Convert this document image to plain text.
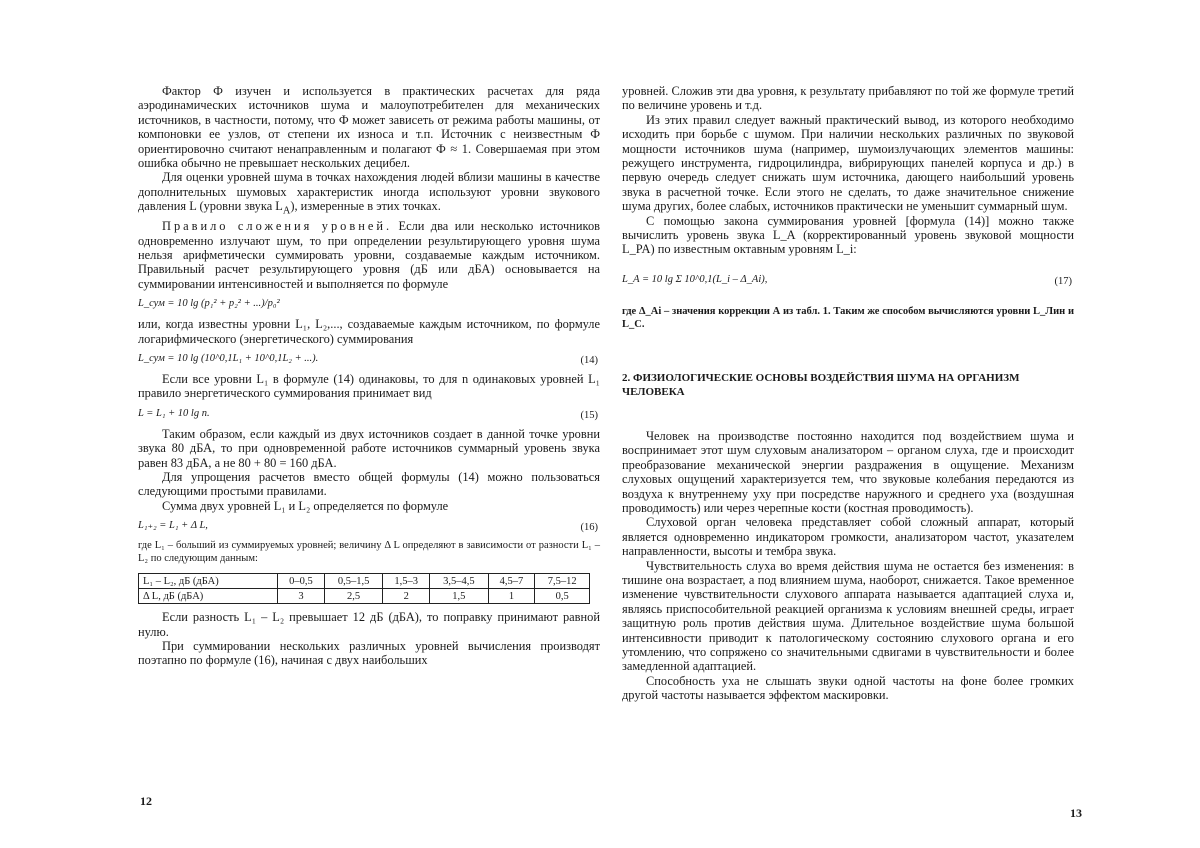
Фактор Ф изучен и используется в практических расчетах для ряда аэродинамических источников шума и малоупотребителен для механических источников, в частности, потому, что Ф может зависеть от режима работы машины, от компоновки ее узлов, от степени их износа и т.п. Источник с неизвестным Ф ориентировочно считают ненаправленным и полагают Ф ≈ 1. Совершаемая при этом ошибка обычно не превышает нескольких децибел.

Для оценки уровней шума в точках нахождения людей вблизи машины в качестве дополнительных шумовых характеристик иногда используют уровни звукового давления L (уровни звука $L_A$), измеренные в этих точках.

Правило сложения уровней. Если два или несколько источников одновременно излучают шум, то при определении результирующего уровня шума нельзя арифметически суммировать уровни, создаваемые каждым источником. Правильный расчет результирующего уровня (дБ или дБА) основывается на суммировании интенсивностей и выполняется по формуле

L_сум = 10 lg (p₁² + p₂² + ...)/p₀²

или, когда известны уровни L₁, L₂,..., создаваемые каждым источником, по формуле логарифмического (энергетического) суммирования

L_сум = 10 lg (10^0,1L₁ + 10^0,1L₂ + ...).	(14)

Если все уровни L₁ в формуле (14) одинаковы, то для n одинаковых уровней L₁ правило энергетического суммирования принимает вид

L = L₁ + 10 lg n.	(15)

Таким образом, если каждый из двух источников создает в данной точке уровни звука 80 дБА, то при одновременной работе источников суммарный уровень звука равен 83 дБА, а не 80 + 80 = 160 дБА.

Для упрощения расчетов вместо общей формулы (14) можно пользоваться следующими простыми правилами.

Сумма двух уровней L₁ и L₂ определяется по формуле

L₁₊₂ = L₁ + Δ L,	(16)

где L₁ – больший из суммируемых уровней; величину Δ L определяют в зависимости от разности L₁ – L₂ по следующим данным:

L₁ – L₂, дБ (дБА)	0–0,5	0,5–1,5	1,5–3	3,5–4,5	4,5–7	7,5–12
Δ L, дБ (дБА)	3	2,5	2	1,5	1	0,5

Если разность L₁ – L₂ превышает 12 дБ (дБА), то поправку принимают равной нулю.

При суммировании нескольких различных уровней вычисления производят поэтапно по формуле (16), начиная с двух наибольших

12

уровней. Сложив эти два уровня, к результату прибавляют по той же формуле третий по величине уровень и т.д.

Из этих правил следует важный практический вывод, из которого необходимо исходить при борьбе с шумом. При наличии нескольких различных по звуковой мощности источников шума (например, шумоизлучающих элементов машины: режущего инструмента, гидроцилиндра, вибрирующих панелей корпуса и др.) в первую очередь следует снижать шум источника, дающего наибольший уровень звука в расчетной точке. Если этого не сделать, то даже значительное снижение шума других, более слабых, источников практически не уменьшит суммарный шум.

С помощью закона суммирования уровней [формула (14)] можно также вычислить уровень звука L_A (корректированный уровень звуковой мощности L_PA) по известным октавным уровням L_i:

L_A = 10 lg Σ 10^0,1(L_i – Δ_Ai),	(17)

где Δ_Ai – значения коррекции А из табл. 1. Таким же способом вычисляются уровни L_Лин и L_C.

2. ФИЗИОЛОГИЧЕСКИЕ ОСНОВЫ ВОЗДЕЙСТВИЯ ШУМА НА ОРГАНИЗМ ЧЕЛОВЕКА

Человек на производстве постоянно находится под воздействием шума и воспринимает этот шум слуховым анализатором – органом слуха, где и происходит преобразование механической энергии раздражения в ощущение. Механизм слуховых ощущений характеризуется тем, что звуковые колебания передаются из воздуха к внутреннему уху при посредстве наружного и среднего уха (воздушная проводимость) или через черепные кости (костная проводимость).

Слуховой орган человека представляет собой сложный аппарат, который является одновременно индикатором громкости, анализатором частот, указателем направленности, высоты и тембра звука.

Чувствительность слуха во время действия шума не остается без изменения: в тишине она возрастает, а под влиянием шума, наоборот, снижается. Такое временное изменение чувствительности слухового аппарата называется адаптацией слуха и, являясь приспособительной реакцией организма к условиям внешней среды, играет защитную роль против действия шума. Длительное воздействие шума большой интенсивности приводит к патологическому состоянию слухового органа и его утомлению, что сопряжено со значительными сдвигами в чувствительности и более замедленной адаптацией.

Способность уха не слышать звуки одной частоты на фоне более громких другой частоты называется эффектом маскировки.

13
